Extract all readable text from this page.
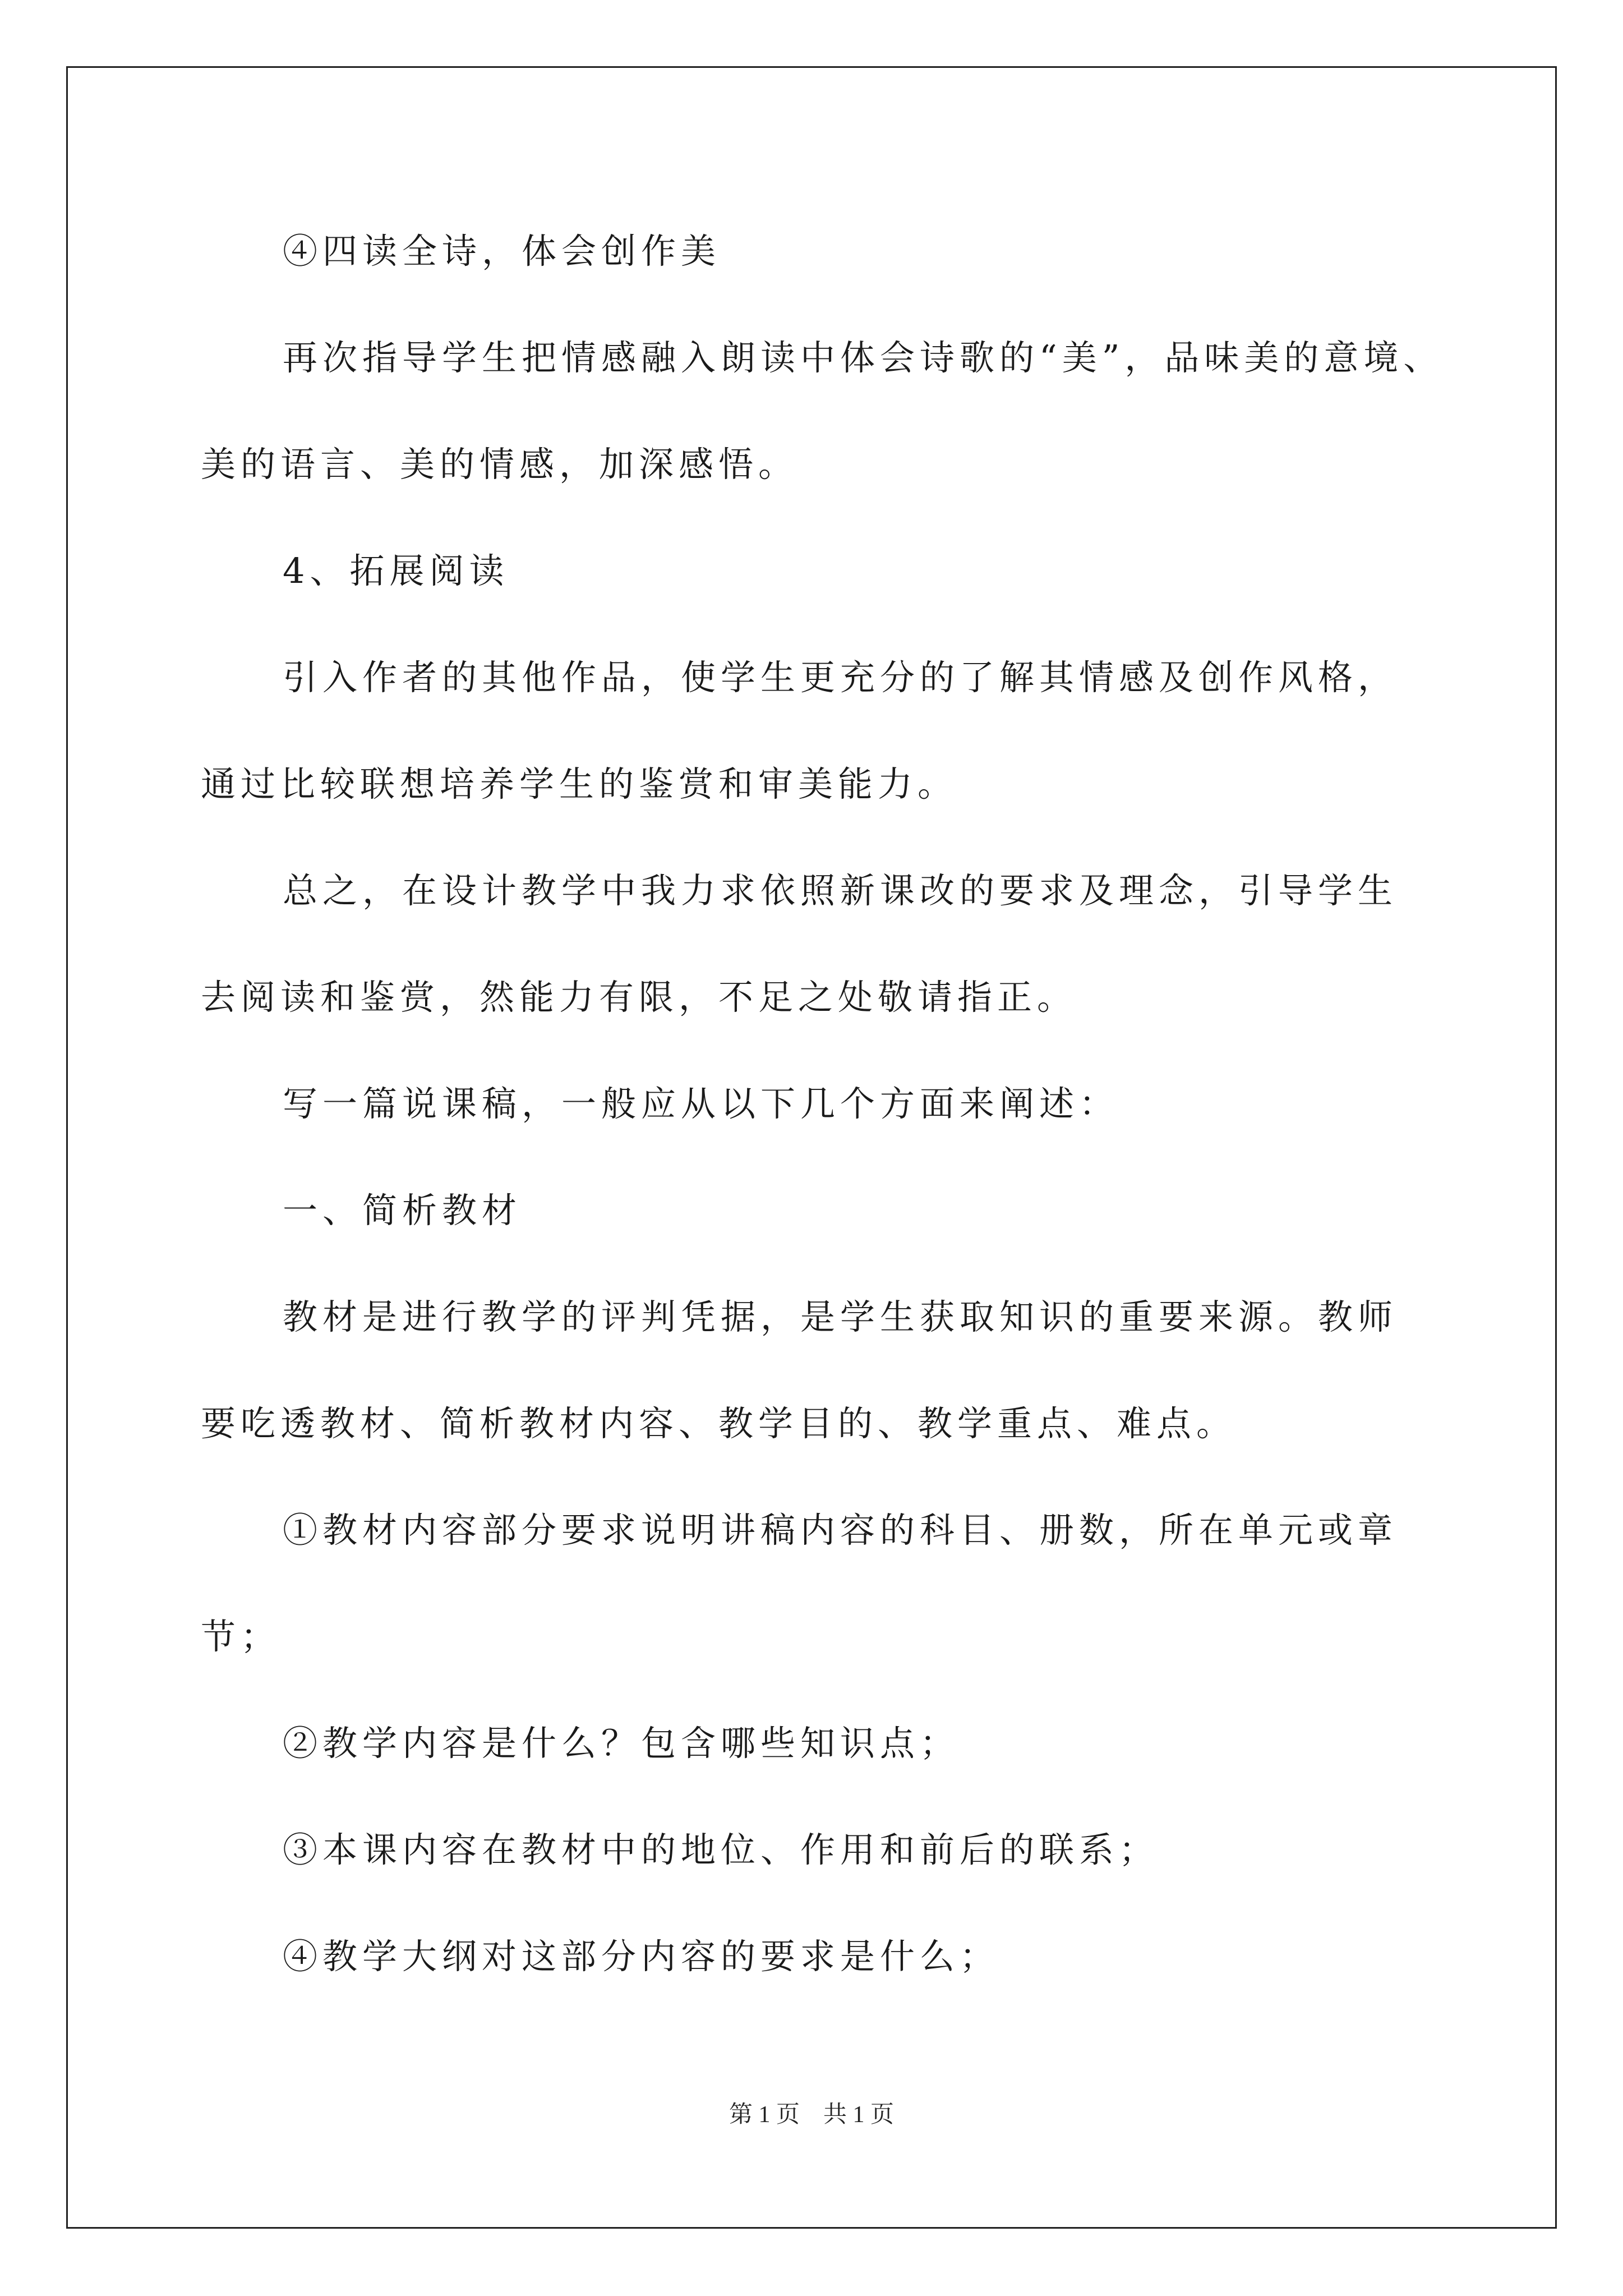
④四读全诗，体会创作美

再次指导学生把情感融入朗读中体会诗歌的“美”，品味美的意境、

美的语言、美的情感，加深感悟。

4、拓展阅读

引入作者的其他作品，使学生更充分的了解其情感及创作风格，

通过比较联想培养学生的鉴赏和审美能力。

总之，在设计教学中我力求依照新课改的要求及理念，引导学生

去阅读和鉴赏，然能力有限，不足之处敬请指正。

写一篇说课稿，一般应从以下几个方面来阐述：

一、简析教材

教材是进行教学的评判凭据，是学生获取知识的重要来源。教师

要吃透教材、简析教材内容、教学目的、教学重点、难点。

①教材内容部分要求说明讲稿内容的科目、册数，所在单元或章

节；

②教学内容是什么？包含哪些知识点；

③本课内容在教材中的地位、作用和前后的联系；

④教学大纲对这部分内容的要求是什么；

第 1 页 共 1 页
